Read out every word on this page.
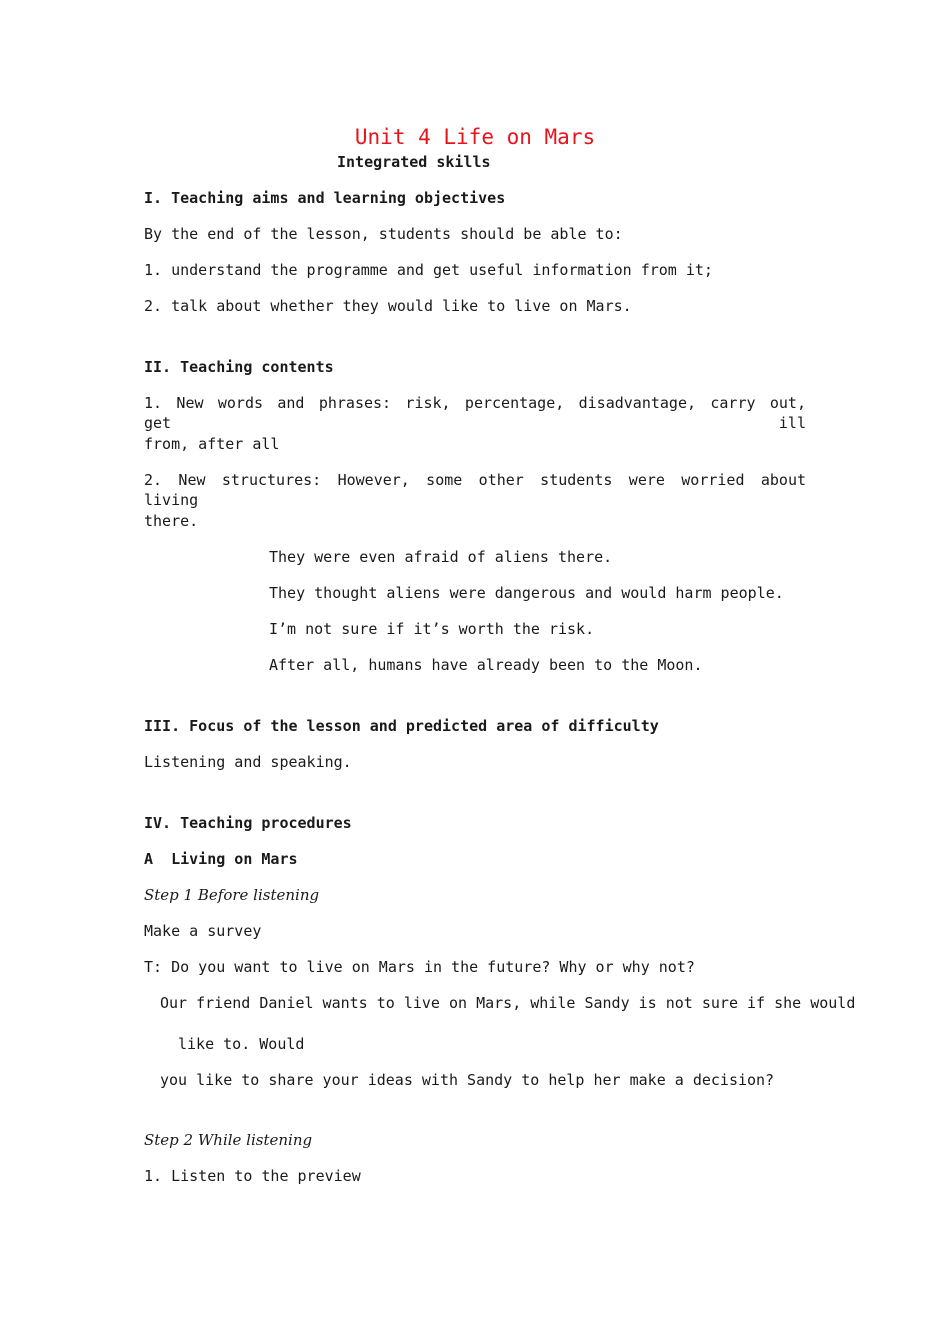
Unit 4 Life on Mars

Integrated skills

I. Teaching aims and learning objectives

By the end of the lesson, students should be able to:

1. understand the programme and get useful information from it;

2. talk about whether they would like to live on Mars.

II. Teaching contents

1. New words and phrases: risk, percentage, disadvantage, carry out, get ill

from, after all

2. New structures: However, some other students were worried about living

there.

They were even afraid of aliens there.

They thought aliens were dangerous and would harm people.

I’m not sure if it’s worth the risk.

After all, humans have already been to the Moon.

III. Focus of the lesson and predicted area of difficulty

Listening and speaking.

IV. Teaching procedures

A  Living on Mars

Step 1 Before listening

Make a survey

T: Do you want to live on Mars in the future? Why or why not?

Our friend Daniel wants to live on Mars, while Sandy is not sure if she would

like to. Would

you like to share your ideas with Sandy to help her make a decision?

Step 2 While listening

1. Listen to the preview
